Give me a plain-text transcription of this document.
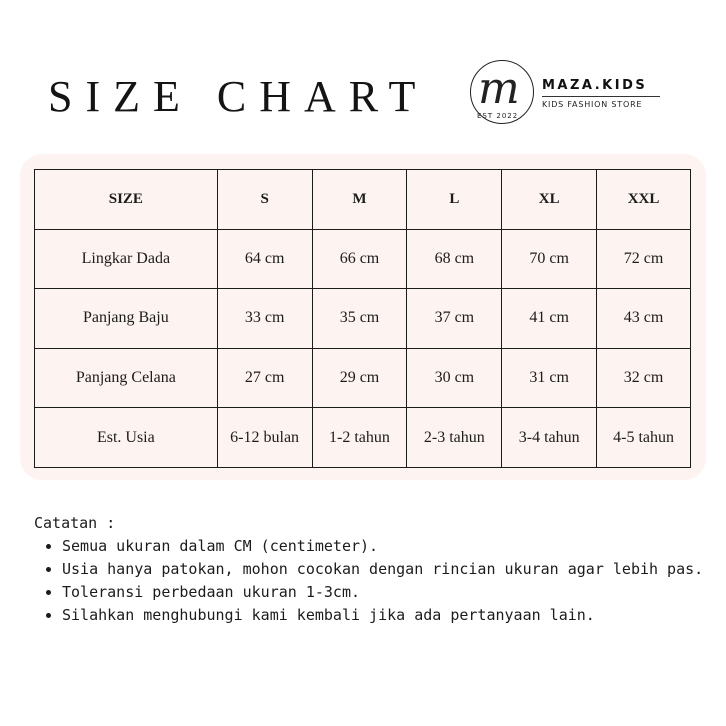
SIZE CHART m
EST 2022
MAZA.KIDS
KIDS FASHION STORE
SIZE	S	M	L	XL	XXL
Lingkar Dada	64 cm	66 cm	68 cm	70 cm	72 cm
Panjang Baju	33 cm	35 cm	37 cm	41 cm	43 cm
Panjang Celana	27 cm	29 cm	30 cm	31 cm	32 cm
Est. Usia	6-12 bulan	1-2 tahun	2-3 tahun	3-4 tahun	4-5 tahun
Catatan :
• Semua ukuran dalam CM (centimeter).
• Usia hanya patokan, mohon cocokan dengan rincian ukuran agar lebih pas.
• Toleransi perbedaan ukuran 1-3cm.
• Silahkan menghubungi kami kembali jika ada pertanyaan lain.
